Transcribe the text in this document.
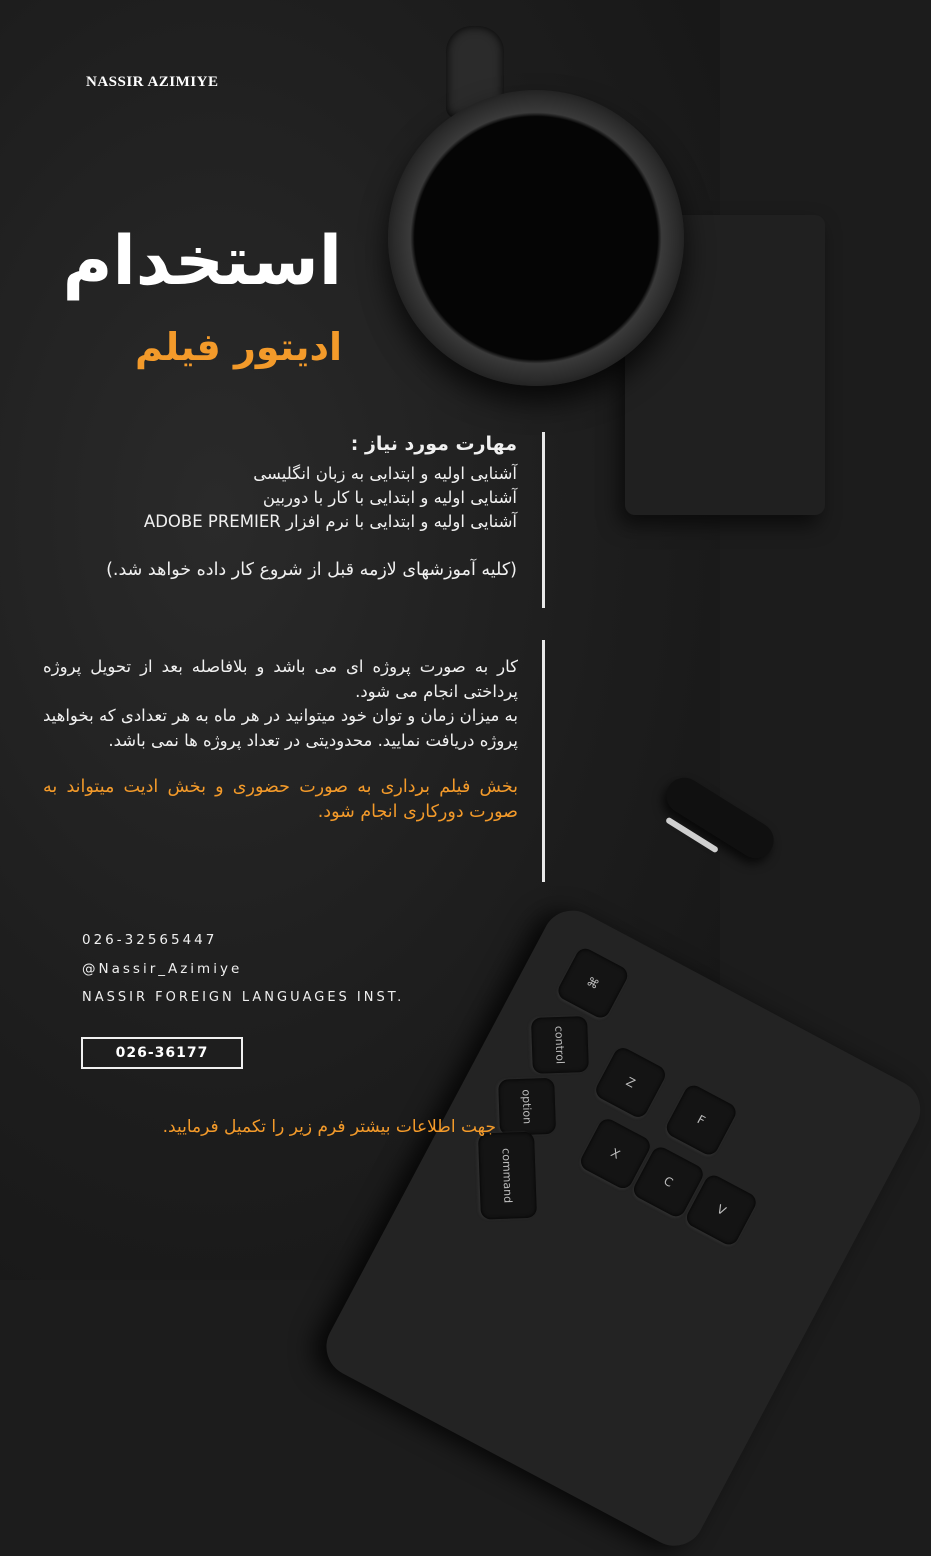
⌘
control
option
command
Z
X
C
V
F
NASSIR AZIMIYE
استخدام
ادیتور فیلم
مهارت مورد نیاز :
آشنایی اولیه و ابتدایی به زبان انگلیسی
آشنایی اولیه و ابتدایی با کار با دوربین
آشنایی اولیه و ابتدایی با نرم افزار ADOBE PREMIER
(کلیه آموزشهای لازمه قبل از شروع کار داده خواهد شد.)
کار به صورت پروژه ای می باشد و بلافاصله بعد از تحویل پروژه پرداختی انجام می شود.
به میزان زمان و توان خود میتوانید در هر ماه به هر تعدادی که بخواهید پروژه دریافت نمایید. محدودیتی در تعداد پروژه ها نمی باشد.
بخش فیلم برداری به صورت حضوری و بخش ادیت میتواند به صورت دورکاری انجام شود.
026-32565447
@Nassir_Azimiye
NASSIR FOREIGN LANGUAGES INST.
026-36177
جهت اطلاعات بیشتر فرم زیر را تکمیل فرمایید.
